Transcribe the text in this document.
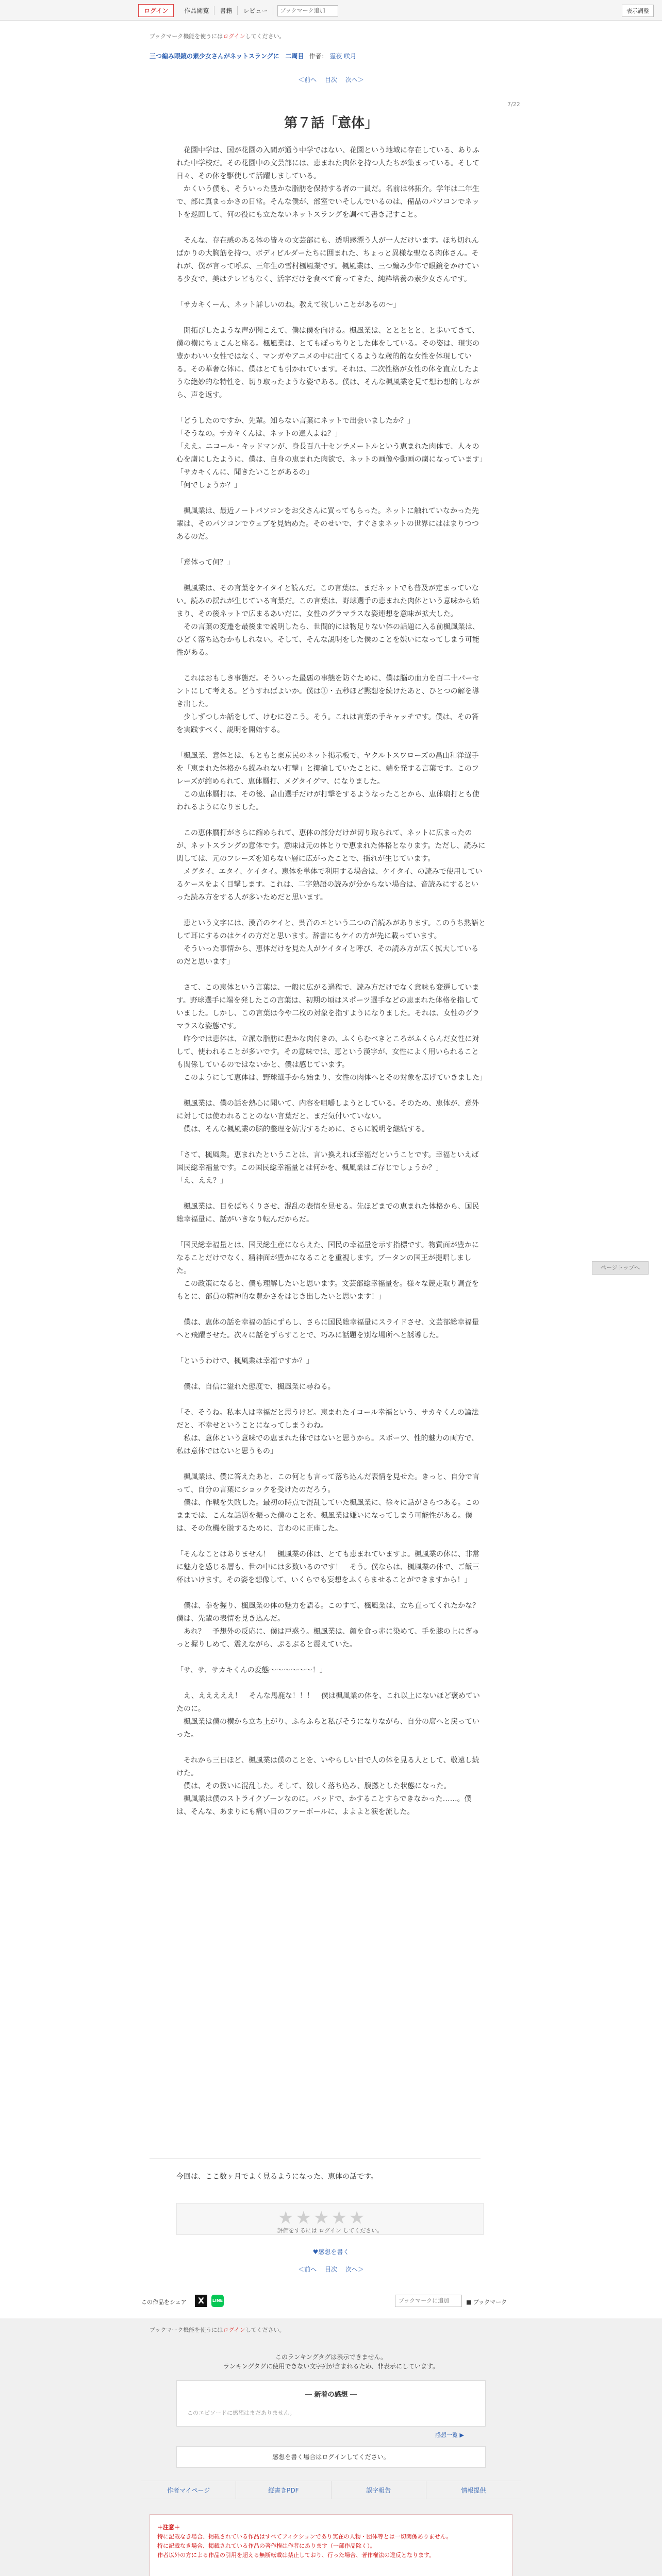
ログイン	作品閲覧	書籍	レビュー
ブックマーク追加	表示調整
ブックマーク機能を使うにはログインしてください。
三つ編み眼鏡の素少女さんがネットスラングに　二周目 作者： 霊夜 咲月
＜前へ 目次 次へ＞
7/22
第７話「意体」

　花園中学は、国が花園の入間が通う中学ではない、花園という地域に存在している、ありふれた中学校だ。その花園中の文芸部には、恵まれた肉体を持つ人たちが集まっている。そして日々、その体を駆使して活躍しましている。

　かくいう僕も、そういった豊かな脂肪を保持する者の一員だ。名前は林拓介。学年は二年生で、部に真まっかさの日常。そんな僕が、部室でいそしんでいるのは、備品のパソコンでネットを巡回して、何の役にも立たないネットスラングを調べて書き記すこと。

　そんな、存在感のある体の皆々の文芸部にも、透明感漂う人が一人だけいます。ほち切れんばかりの大胸筋を持つ、ボディビルダーたちに囲まれた、ちょっと異様な聖なる肉体さん。それが、僕が言って呼ぶ、三年生の雪村楓風業です。楓風業は、三つ編み少年で眼鏡をかけている少女で、美はテレビもなく、活字だけを食べて育ってきた、純粋培養の素少女さんです。

「サカキくーん、ネット詳しいのね。教えて欲しいことがあるの～」

　開拓びしたような声が聞こえて、僕は僕を向ける。楓風業は、ととととと、と歩いてきて、僕の横にちょこんと座る。楓風業は、とてもぽっちりとした体をしている。その姿は、現実の豊かわいい女性ではなく、マンガやアニメの中に出てくるような歳的的な女性を体現している。その華奢な体に、僕はとても引かれています。それは、二次性格が女性の体を直立したような絶妙的な特性を、切り取ったような姿である。僕は、そんな楓風業を見て想わ想的しながら、声を返す。

「どうしたのですか、先輩。知らない言葉にネットで出会いましたか？」

「そうなの。サカキくんは、ネットの達人よね？」

「ええ。ニコール・キッドマンが、身長百八十センチメートルという恵まれた肉体で、人々の心を虜にしたように、僕は、自身の恵まれた肉欲で、ネットの画像や動画の虜になっています」

「サカキくんに、聞きたいことがあるの」

「何でしょうか？」

　楓風業は、最近ノートパソコンをお父さんに買ってもらった。ネットに触れていなかった先輩は、そのパソコンでウェブを見始めた。そのせいで、すぐさまネットの世界にははまりつつあるのだ。

「意体って何？」

　楓風業は、その言葉をケイタイと読んだ。この言葉は、まだネットでも普及が定まっていない。読みの揺れが生じている言葉だ。この言葉は、野球選手の恵まれた肉体という意味から始まり、その後ネットで広まるあいだに、女性のグラマラスな姿連想を意味が拡大した。

　その言葉の変遷を最後まで説明したら、世間的には物足りない体の話題に入る前楓風業は、ひどく落ち込むかもしれない。そして、そんな説明をした僕のことを嫌いになってしまう可能性がある。

　これはおもしき事態だ。そういった最悪の事態を防ぐために、僕は脳の血力を百二十パーセントにして考える。どうすればよいか。僕は①・五秒ほど黙想を続けたあと、ひとつの解を導き出した。

　少しずつしか話をして、けむに巻こう。そう。これは言葉の手キャッチです。僕は、その答を実践すべく、説明を開始する。

「楓風業、意体とは、もともと東京民のネット掲示板で、ヤクルトスワローズの畠山和洋選手を「恵まれた体格から繰みれない打撃」と揶揄していたことに、端を発する言葉です。このフレーズが縮められて、恵体贋打、メグタイグマ、になりました。

　この恵体贋打は、その後、畠山選手だけが打撃をするようなったことから、恵体扇打とも使われるようになりました。

　この恵体贋打がさらに縮められて、恵体の部分だけが切り取られて、ネットに広まったのが、ネットスラングの意体です。意味は元の体とりで恵まれた体格となります。ただし、読みに関しては、元のフレーズを知らない層に広がったことで、揺れが生じています。

　メグタイ、エタイ、ケイタイ。恵体を単体で利用する場合は、ケイタイ、の読みで使用しているケースをよく目撃します。これは、二字熟語の読みが分からない場合は、音読みにするといった読み方をする人が多いためだと思います。

　恵という文字には、漢音のケイと、呉音のエという二つの音読みがあります。このうち熟語として耳にするのはケイの方だと思います。辞書にもケイの方が先に載っています。

　そういった事情から、恵体だけを見た人がケイタイと呼び、その読み方が広く拡大しているのだと思います」

　さて、この恵体という言葉は、一般に広がる過程で、読み方だけでなく意味も変遷しています。野球選手に端を発したこの言葉は、初期の頃はスポーツ選手などの恵まれた体格を指していました。しかし、この言葉は今や二枚の対象を指すようになりました。それは、女性のグラマラスな姿態です。

　昨今では恵体は、立派な脂肪に豊かな肉付きの、ふくらむべきところがふくらんだ女性に対して、使われることが多いです。その意味では、恵という漢字が、女性によく用いられることも関係しているのではないかと、僕は感じています。

　このようにして恵体は、野球選手から始まり、女性の肉体へとその対象を広げていきました」

　楓風業は、僕の話を熱心に聞いて、内容を咀嚼しようとしている。そのため、恵体が、意外に対しては使われることのない言葉だと、まだ気付いていない。

　僕は、そんな楓風業の脳的整理を妨害するために、さらに説明を継続する。

「さて、楓風業。恵まれたということは、言い換えれば幸福だということです。幸福といえば国民総幸福量です。この国民総幸福量とは何かを、楓風業はご存じでしょうか？」

「え、ええ？」

　楓風業は、目をぱちくりさせ、混乱の表情を見せる。先ほどまでの恵まれた体格から、国民総幸福量に、話がいきなり転んだからだ。

「国民総幸福量とは、国民総生産にならえた、国民の幸福量を示す指標です。物質面が豊かになることだけでなく、精神面が豊かになることを重視します。ブータンの国王が提唱しました。

　この政策になると、僕も理解したいと思います。文芸部総幸福量を。様々な競走取り調査をもとに、部員の精神的な豊かさをはじき出したいと思います！」

　僕は、恵体の話を幸福の話にずらし、さらに国民総幸福量にスライドさせ、文芸部総幸福量へと飛躍させた。次々に話をずらすことで、巧みに話題を別な場所へと誘導した。

「というわけで、楓風業は幸福ですか？」

　僕は、自信に溢れた態度で、楓風業に尋ねる。

「そ、そうね。私本人は幸福だと思うけど。恵まれたイコール幸福という、サカキくんの論法だと、不幸せということになってしまうわね。

　私は、意体という意味での恵まれた体ではないと思うから。スポーツ、性的魅力の両方で、私は意体ではないと思うもの」

　楓風業は、僕に答えたあと、この何とも言って落ち込んだ表情を見せた。きっと、自分で言って、自分の言葉にショックを受けたのだろう。

　僕は、作戦を失敗した。最初の時点で混乱していた楓風業に、徐々に話がさらつある。このままでは、こんな話題を振った僕のことを、楓風業は嫌いになってしまう可能性がある。僕は、その危機を脱するために、言わのに正座した。

「そんなことはありません！　楓風業の体は、とても恵まれていますよ。楓風業の体に、非常に魅力を感じる層も、世の中には多数いるのです！　そう。僕ならは、楓風業の体で、ご飯三杯はいけます。その姿を想像して、いくらでも妄想をふくらませることができますから！」

　僕は、拳を握り、楓風業の体の魅力を語る。このすて、楓風業は、立ち直ってくれたかな？　僕は、先輩の表情を見き込んだ。

　あれ？　予想外の反応に、僕は戸惑う。楓風業は、顔を食っ赤に染めて、手を膝の上にぎゅっと握りしめて、震えながら、ぷるぷると震えていた。

「サ、サ、サカキくんの変態～～～～～～！」

　え、えええええ！　そんな馬鹿な！！！　僕は楓風業の体を、これ以上にないほど褒めていたのに。

　楓風業は僕の横から立ち上がり、ふらふらと私びそうになりながら、自分の席へと戻っていった。

　それから三日ほど、楓風業は僕のことを、いやらしい目で人の体を見る人として、敬遠し続けた。

　僕は、その扱いに混乱した。そして、激しく落ち込み、腹撚とした状態になった。

　楓風業は僕のストライクゾーンなのに。バッドで、かすることすらできなかった……。僕は、そんな、あまりにも痛い目のファーボールに、よよよと涙を流した。

今回は、ここ数ヶ月でよく見るようになった、恵体の話です。
★★★★★
評価をするには ログイン してください。
♥感想を書く
＜前へ 目次 次へ＞
この作品をシェア	X	LINE
ブックマークに追加	■ ブックマーク
ブックマーク機能を使うにはログインしてください。
このランキングタグは表示できません。
ランキングタグに使用できない文字列が含まれるため、非表示にしています。
― 新着の感想 ―
このエピソードに感想はまだありません。
感想一覧 ▶
感想を書く場合はログインしてください。
作者マイページ	縦書きPDF	誤字報告	情報提供
＋注意＋
特に記載なき場合、掲載されている作品はすべてフィクションであり実在の人物・団体等とは一切関係ありません。
特に記載なき場合、掲載されている作品の著作権は作者にあります（一部作品除く）。
作者以外の方による作品の引用を超える無断転載は禁止しており、行った場合、著作権法の違反となります。
ページトップへ
